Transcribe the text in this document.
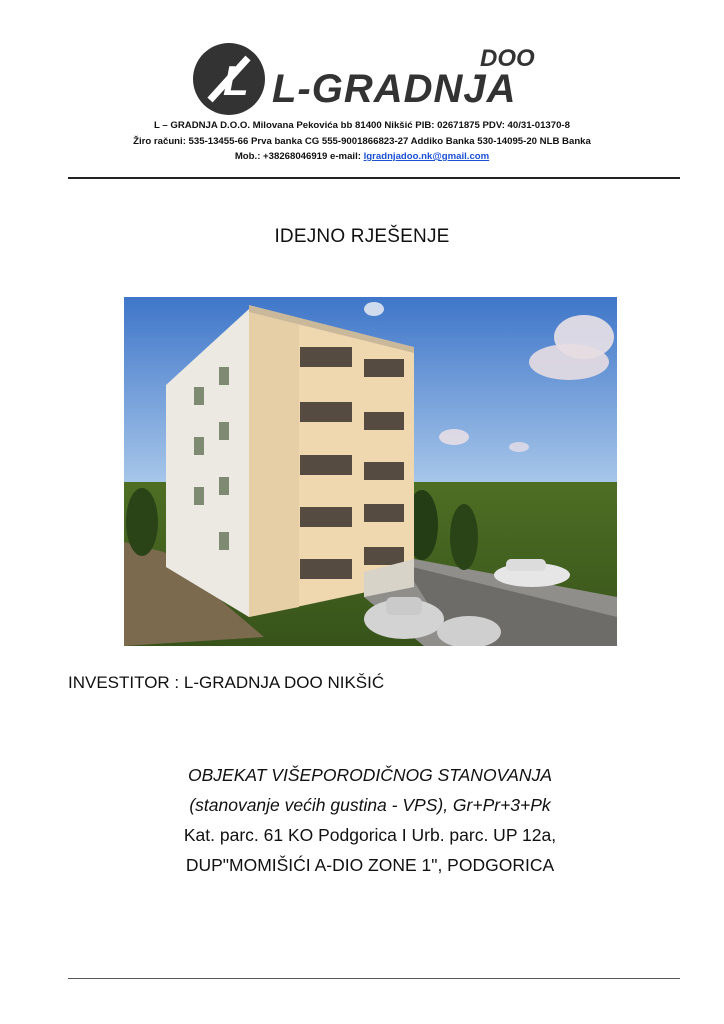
L L-GRADNJA
DOO
L – GRADNJA D.O.O. Milovana Pekovića bb 81400 Nikšić PIB: 02671875 PDV: 40/31-01370-8
Žiro računi: 535-13455-66 Prva banka CG 555-9001866823-27 Addiko Banka 530-14095-20 NLB Banka
Mob.: +38268046919 e-mail: lgradnjadoo.nk@gmail.com
IDEJNO RJEŠENJE
INVESTITOR : L-GRADNJA DOO NIKŠIĆ
OBJEKAT VIŠEPORODIČNOG STANOVANJA
(stanovanje većih gustina - VPS), Gr+Pr+3+Pk
Kat. parc. 61 KO Podgorica I Urb. parc. UP 12a,
DUP"MOMIŠIĆI A-DIO ZONE 1", PODGORICA
